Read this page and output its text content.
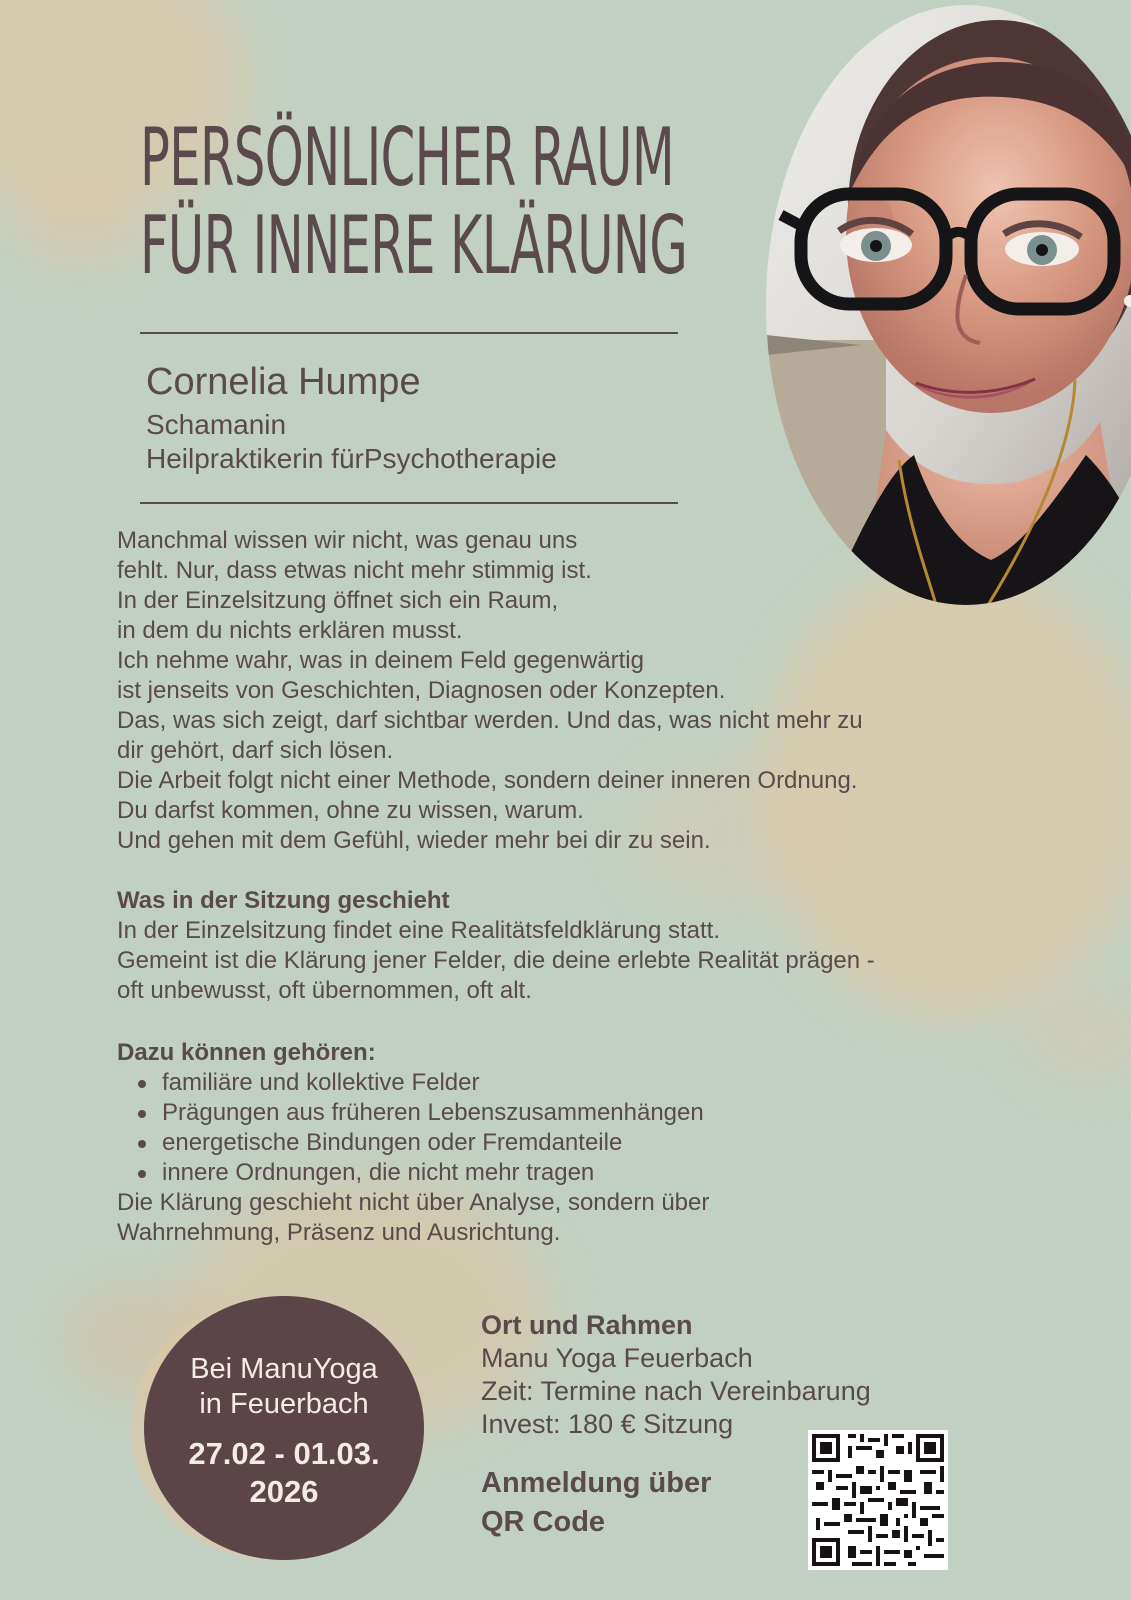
PERSÖNLICHER RAUM
FÜR INNERE KLÄRUNG
Cornelia Humpe
Schamanin
Heilpraktikerin fürPsychotherapie
Manchmal wissen wir nicht, was genau uns
fehlt. Nur, dass etwas nicht mehr stimmig ist.
In der Einzelsitzung öffnet sich ein Raum,
in dem du nichts erklären musst.
Ich nehme wahr, was in deinem Feld gegenwärtig
ist jenseits von Geschichten, Diagnosen oder Konzepten.
Das, was sich zeigt, darf sichtbar werden. Und das, was nicht mehr zu
dir gehört, darf sich lösen.
Die Arbeit folgt nicht einer Methode, sondern deiner inneren Ordnung.
Du darfst kommen, ohne zu wissen, warum.
Und gehen mit dem Gefühl, wieder mehr bei dir zu sein.
Was in der Sitzung geschieht
In der Einzelsitzung findet eine Realitätsfeldklärung statt.
Gemeint ist die Klärung jener Felder, die deine erlebte Realität prägen -
oft unbewusst, oft übernommen, oft alt.
Dazu können gehören:
familiäre und kollektive Felder
Prägungen aus früheren Lebenszusammenhängen
energetische Bindungen oder Fremdanteile
innere Ordnungen, die nicht mehr tragen
Die Klärung geschieht nicht über Analyse, sondern über
Wahrnehmung, Präsenz und Ausrichtung.
Bei ManuYoga
in Feuerbach
27.02 - 01.03.
2026
Ort und Rahmen
Manu Yoga Feuerbach
Zeit: Termine nach Vereinbarung
Invest: 180 € Sitzung
Anmeldung über
QR Code
